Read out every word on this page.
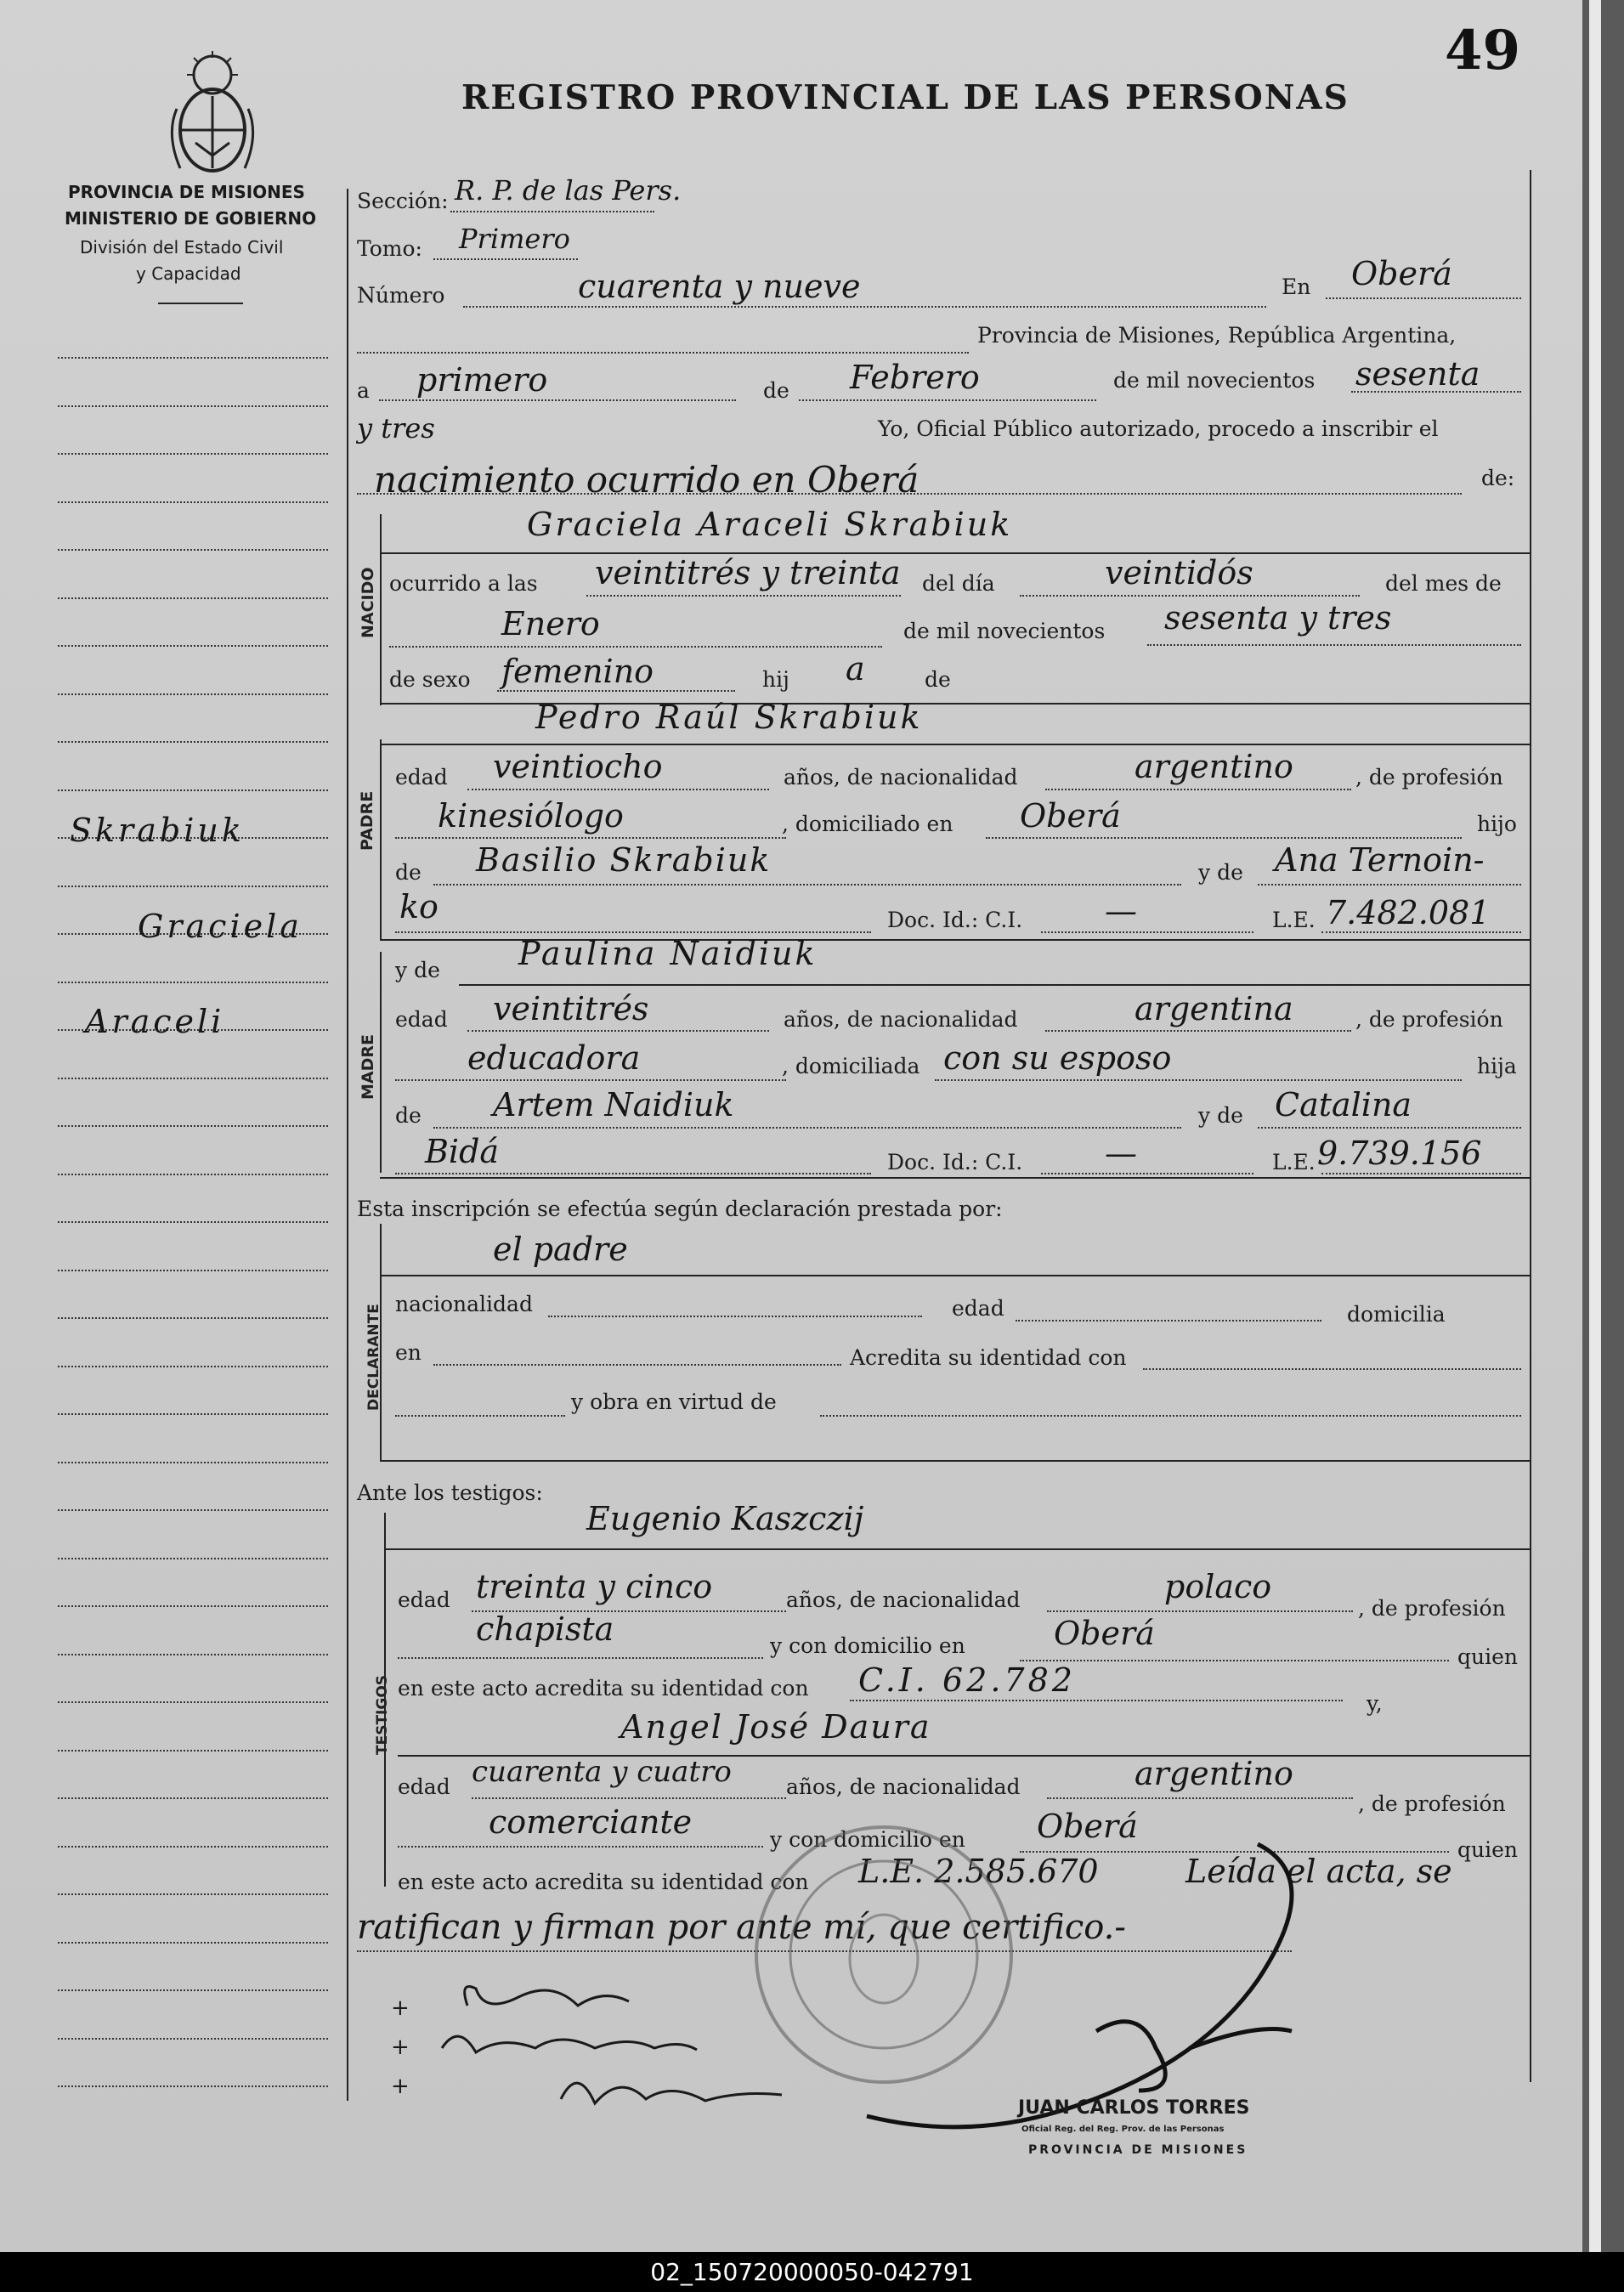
49
REGISTRO PROVINCIAL DE LAS PERSONAS
PROVINCIA DE MISIONES
MINISTERIO DE GOBIERNO
División del Estado Civil
y Capacidad
Skrabiuk
Graciela
Araceli
Sección: R. P. de las Pers.
Tomo: Primero
Número	cuarenta y nueve	En Oberá
Provincia de Misiones, República Argentina,
a primero	de Febrero	de mil novecientos sesenta
y tres	Yo, Oficial Público autorizado, procedo a inscribir el
nacimiento ocurrido en Oberá	de:
NACIDO
Graciela Araceli Skrabiuk
ocurrido a las veintitrés y treinta del día	veintidós	del mes de
Enero	de mil novecientos sesenta y tres
de sexo femenino	hij a	de
PADRE
Pedro Raúl Skrabiuk
edad veintiocho	años, de nacionalidad	argentino	, de profesión
kinesiólogo	, domiciliado en Oberá	hijo
de Basilio Skrabiuk	y de Ana Ternoin-
ko	Doc. Id.: C.I.	—	L.E. 7.482.081
MADRE
y de Paulina Naidiuk
edad veintitrés	años, de nacionalidad	argentina	, de profesión
educadora	, domiciliada con su esposo	hija
de Artem Naidiuk	y de Catalina
Bidá	Doc. Id.: C.I.	—	L.E. 9.739.156
Esta inscripción se efectúa según declaración prestada por:
DECLARANTE
el padre
nacionalidad	edad	domicilia
en	Acredita su identidad con
y obra en virtud de
Ante los testigos:
TESTIGOS
Eugenio Kaszczij
edad treinta y cinco	años, de nacionalidad	polaco
, de profesión
chapista	y con domicilio en	Oberá
quien
en este acto acredita su identidad con C.I. 62.782
y,
Angel José Daura
edad cuarenta y cuatro	años, de nacionalidad	argentino
, de profesión
comerciante	y con domicilio en Oberá
quien
en este acto acredita su identidad con L.E. 2.585.670	Leída el acta, se
ratifican y firman por ante mí, que certifico.-
+
+
+
JUAN CARLOS TORRES
Oficial Reg. del Reg. Prov. de las Personas
PROVINCIA DE MISIONES
02_150720000050-042791
